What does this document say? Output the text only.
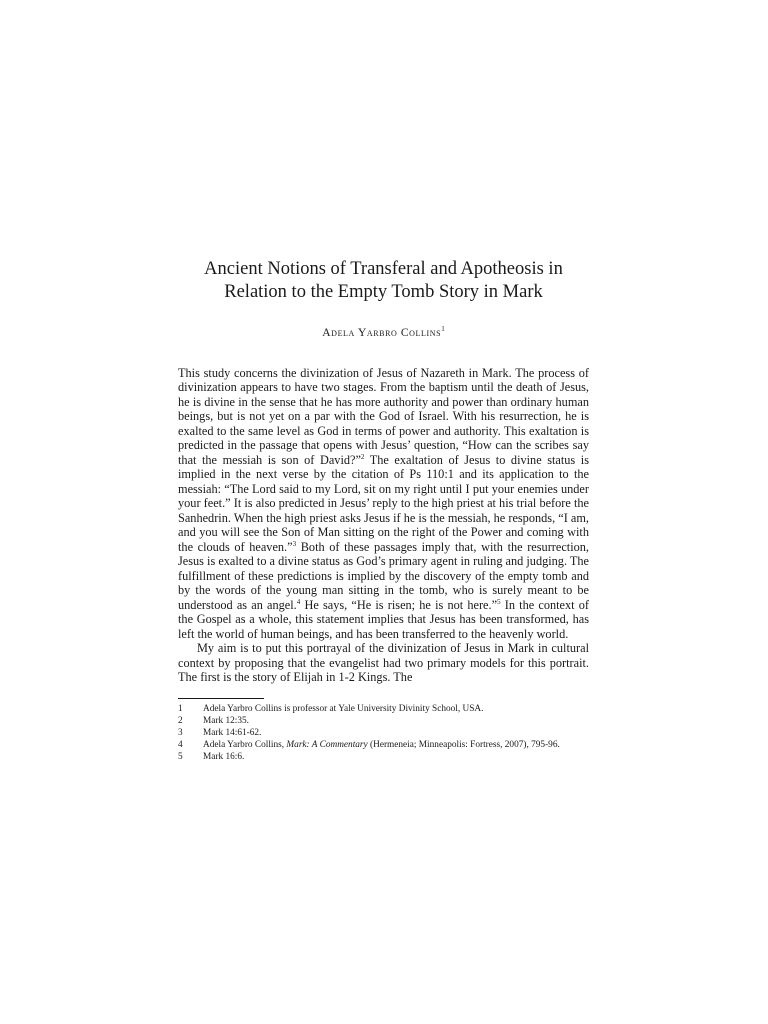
Ancient Notions of Transferal and Apotheosis in
Relation to the Empty Tomb Story in Mark
Adela Yarbro Collins$^1$

This study concerns the divinization of Jesus of Nazareth in Mark. The process of divinization appears to have two stages. From the baptism until the death of Jesus, he is divine in the sense that he has more authority and power than ordinary human beings, but is not yet on a par with the God of Israel. With his resurrection, he is exalted to the same level as God in terms of power and authority. This exaltation is predicted in the passage that opens with Jesus’ question, “How can the scribes say that the messiah is son of David?”$^2$ The exaltation of Jesus to divine status is implied in the next verse by the citation of Ps 110:1 and its application to the messiah: “The Lord said to my Lord, sit on my right until I put your enemies under your feet.” It is also predicted in Jesus’ reply to the high priest at his trial before the Sanhedrin. When the high priest asks Jesus if he is the messiah, he responds, “I am, and you will see the Son of Man sitting on the right of the Power and coming with the clouds of heaven.”$^3$ Both of these passages imply that, with the resurrection, Jesus is exalted to a divine status as God’s primary agent in ruling and judging. The fulfillment of these predictions is implied by the discovery of the empty tomb and by the words of the young man sitting in the tomb, who is surely meant to be understood as an angel.$^4$ He says, “He is risen; he is not here.”$^5$ In the context of the Gospel as a whole, this statement implies that Jesus has been transformed, has left the world of human beings, and has been transferred to the heavenly world.

My aim is to put this portrayal of the divinization of Jesus in Mark in cultural context by proposing that the evangelist had two primary models for this portrait. The first is the story of Elijah in 1-2 Kings. The

1	Adela Yarbro Collins is professor at Yale University Divinity School, USA.
2	Mark 12:35.
3	Mark 14:61-62.
4	Adela Yarbro Collins, Mark: A Commentary (Hermeneia; Minneapolis: Fortress, 2007), 795-96.
5	Mark 16:6.
